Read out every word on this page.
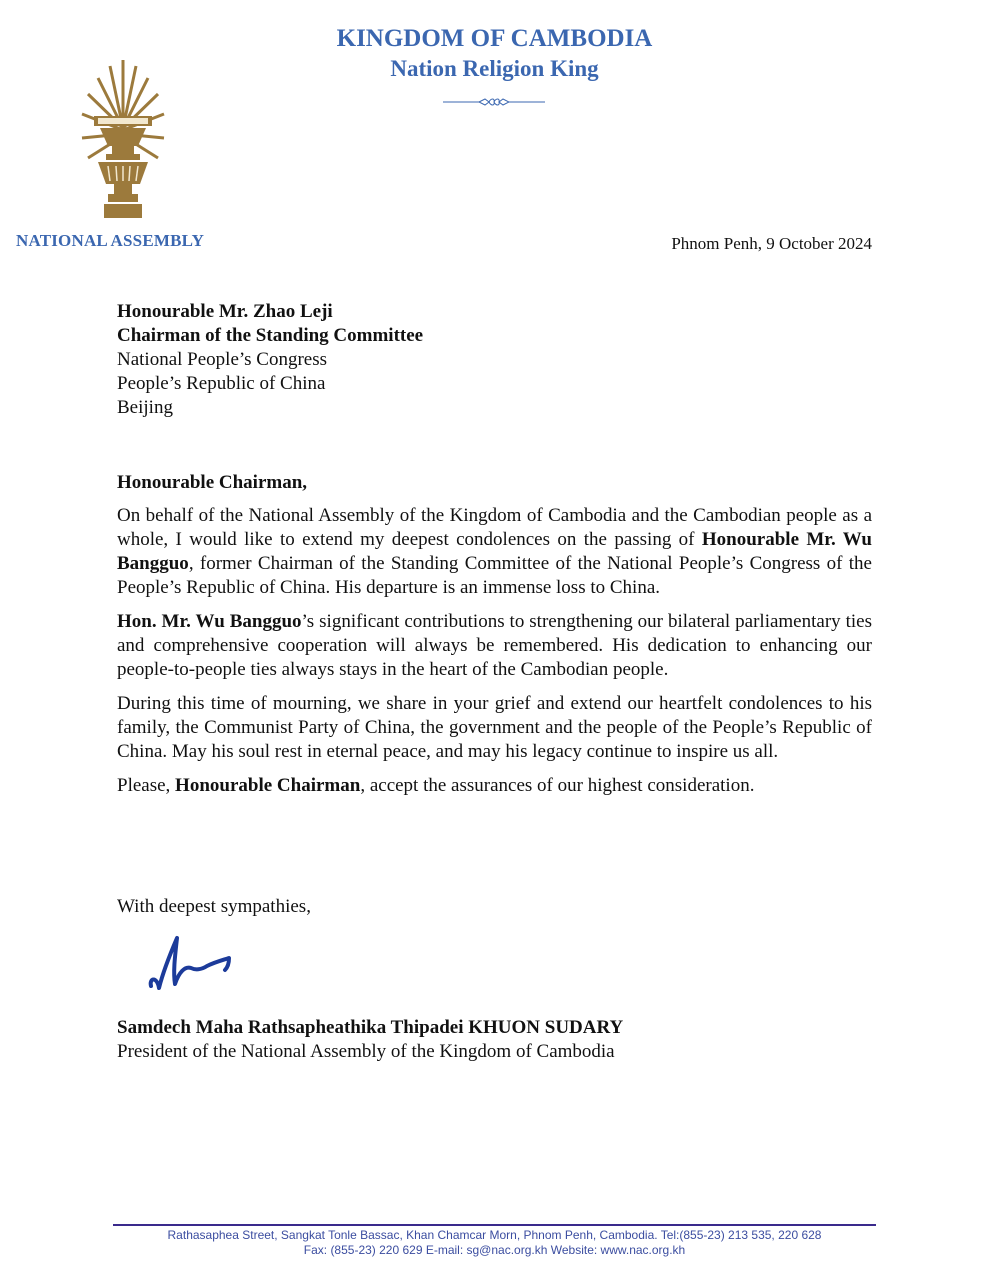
KINGDOM OF CAMBODIA
Nation Religion King
NATIONAL ASSEMBLY	Phnom Penh, 9 October 2024
Honourable Mr. Zhao Leji
Chairman of the Standing Committee
National People’s Congress
People’s Republic of China
Beijing
Honourable Chairman,

On behalf of the National Assembly of the Kingdom of Cambodia and the Cambodian people as a whole, I would like to extend my deepest condolences on the passing of Honourable Mr. Wu Bangguo, former Chairman of the Standing Committee of the National People’s Congress of the People’s Republic of China. His departure is an immense loss to China.

Hon. Mr. Wu Bangguo’s significant contributions to strengthening our bilateral parliamentary ties and comprehensive cooperation will always be remembered. His dedication to enhancing our people-to-people ties always stays in the heart of the Cambodian people.

During this time of mourning, we share in your grief and extend our heartfelt condolences to his family, the Communist Party of China, the government and the people of the People’s Republic of China. May his soul rest in eternal peace, and may his legacy continue to inspire us all.

Please, Honourable Chairman, accept the assurances of our highest consideration.

With deepest sympathies,
Samdech Maha Rathsapheathika Thipadei KHUON SUDARY
President of the National Assembly of the Kingdom of Cambodia
Rathasaphea Street, Sangkat Tonle Bassac, Khan Chamcar Morn, Phnom Penh, Cambodia. Tel:(855-23) 213 535, 220 628
Fax: (855-23) 220 629 E-mail: sg@nac.org.kh Website: www.nac.org.kh
